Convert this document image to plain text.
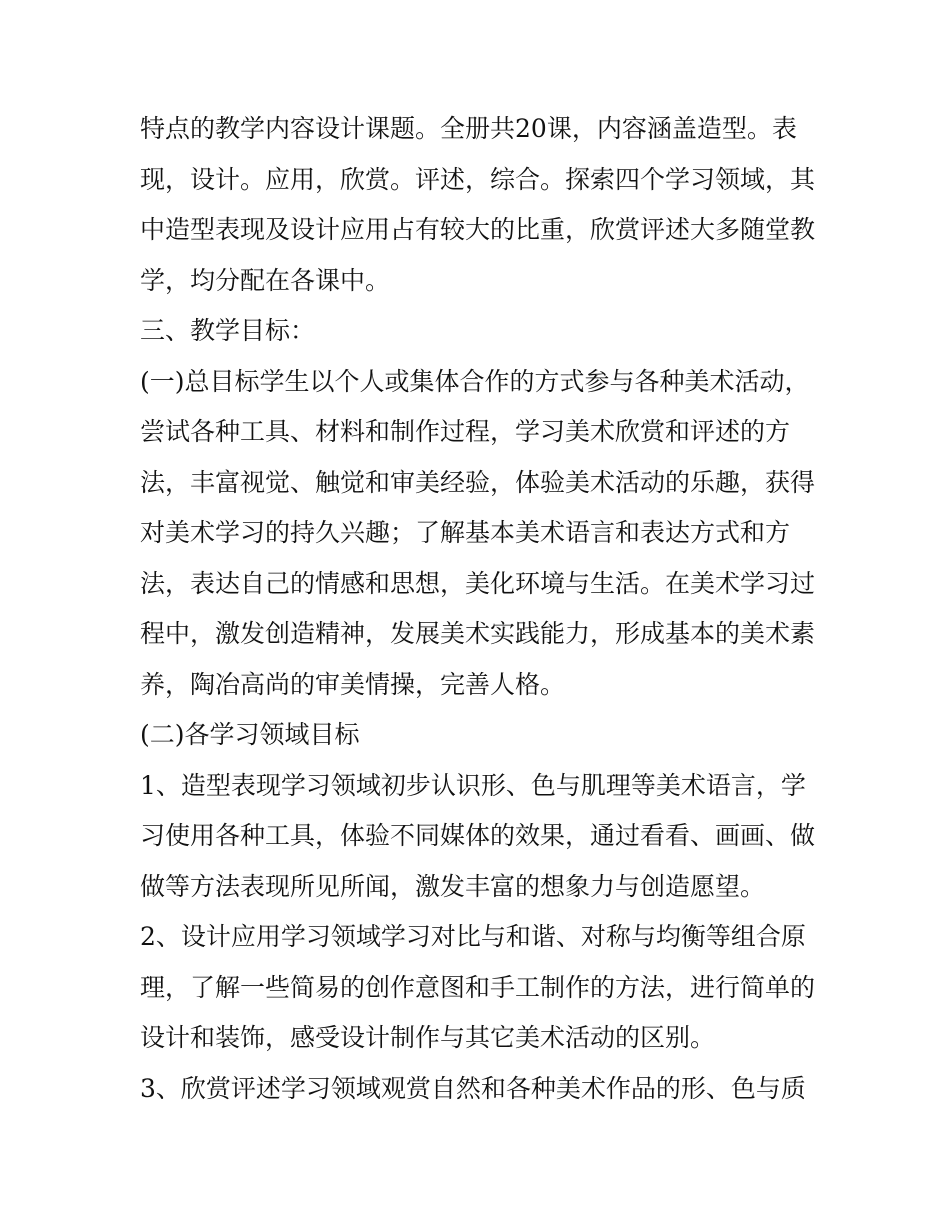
特点的教学内容设计课题。全册共20课，内容涵盖造型。表
现，设计。应用，欣赏。评述，综合。探索四个学习领域，其
中造型表现及设计应用占有较大的比重，欣赏评述大多随堂教
学，均分配在各课中。
三、教学目标：
(一)总目标学生以个人或集体合作的方式参与各种美术活动，
尝试各种工具、材料和制作过程，学习美术欣赏和评述的方
法，丰富视觉、触觉和审美经验，体验美术活动的乐趣，获得
对美术学习的持久兴趣；了解基本美术语言和表达方式和方
法，表达自己的情感和思想，美化环境与生活。在美术学习过
程中，激发创造精神，发展美术实践能力，形成基本的美术素
养，陶冶高尚的审美情操，完善人格。
(二)各学习领域目标
1、造型表现学习领域初步认识形、色与肌理等美术语言，学
习使用各种工具，体验不同媒体的效果，通过看看、画画、做
做等方法表现所见所闻，激发丰富的想象力与创造愿望。
2、设计应用学习领域学习对比与和谐、对称与均衡等组合原
理，了解一些简易的创作意图和手工制作的方法，进行简单的
设计和装饰，感受设计制作与其它美术活动的区别。
3、欣赏评述学习领域观赏自然和各种美术作品的形、色与质
